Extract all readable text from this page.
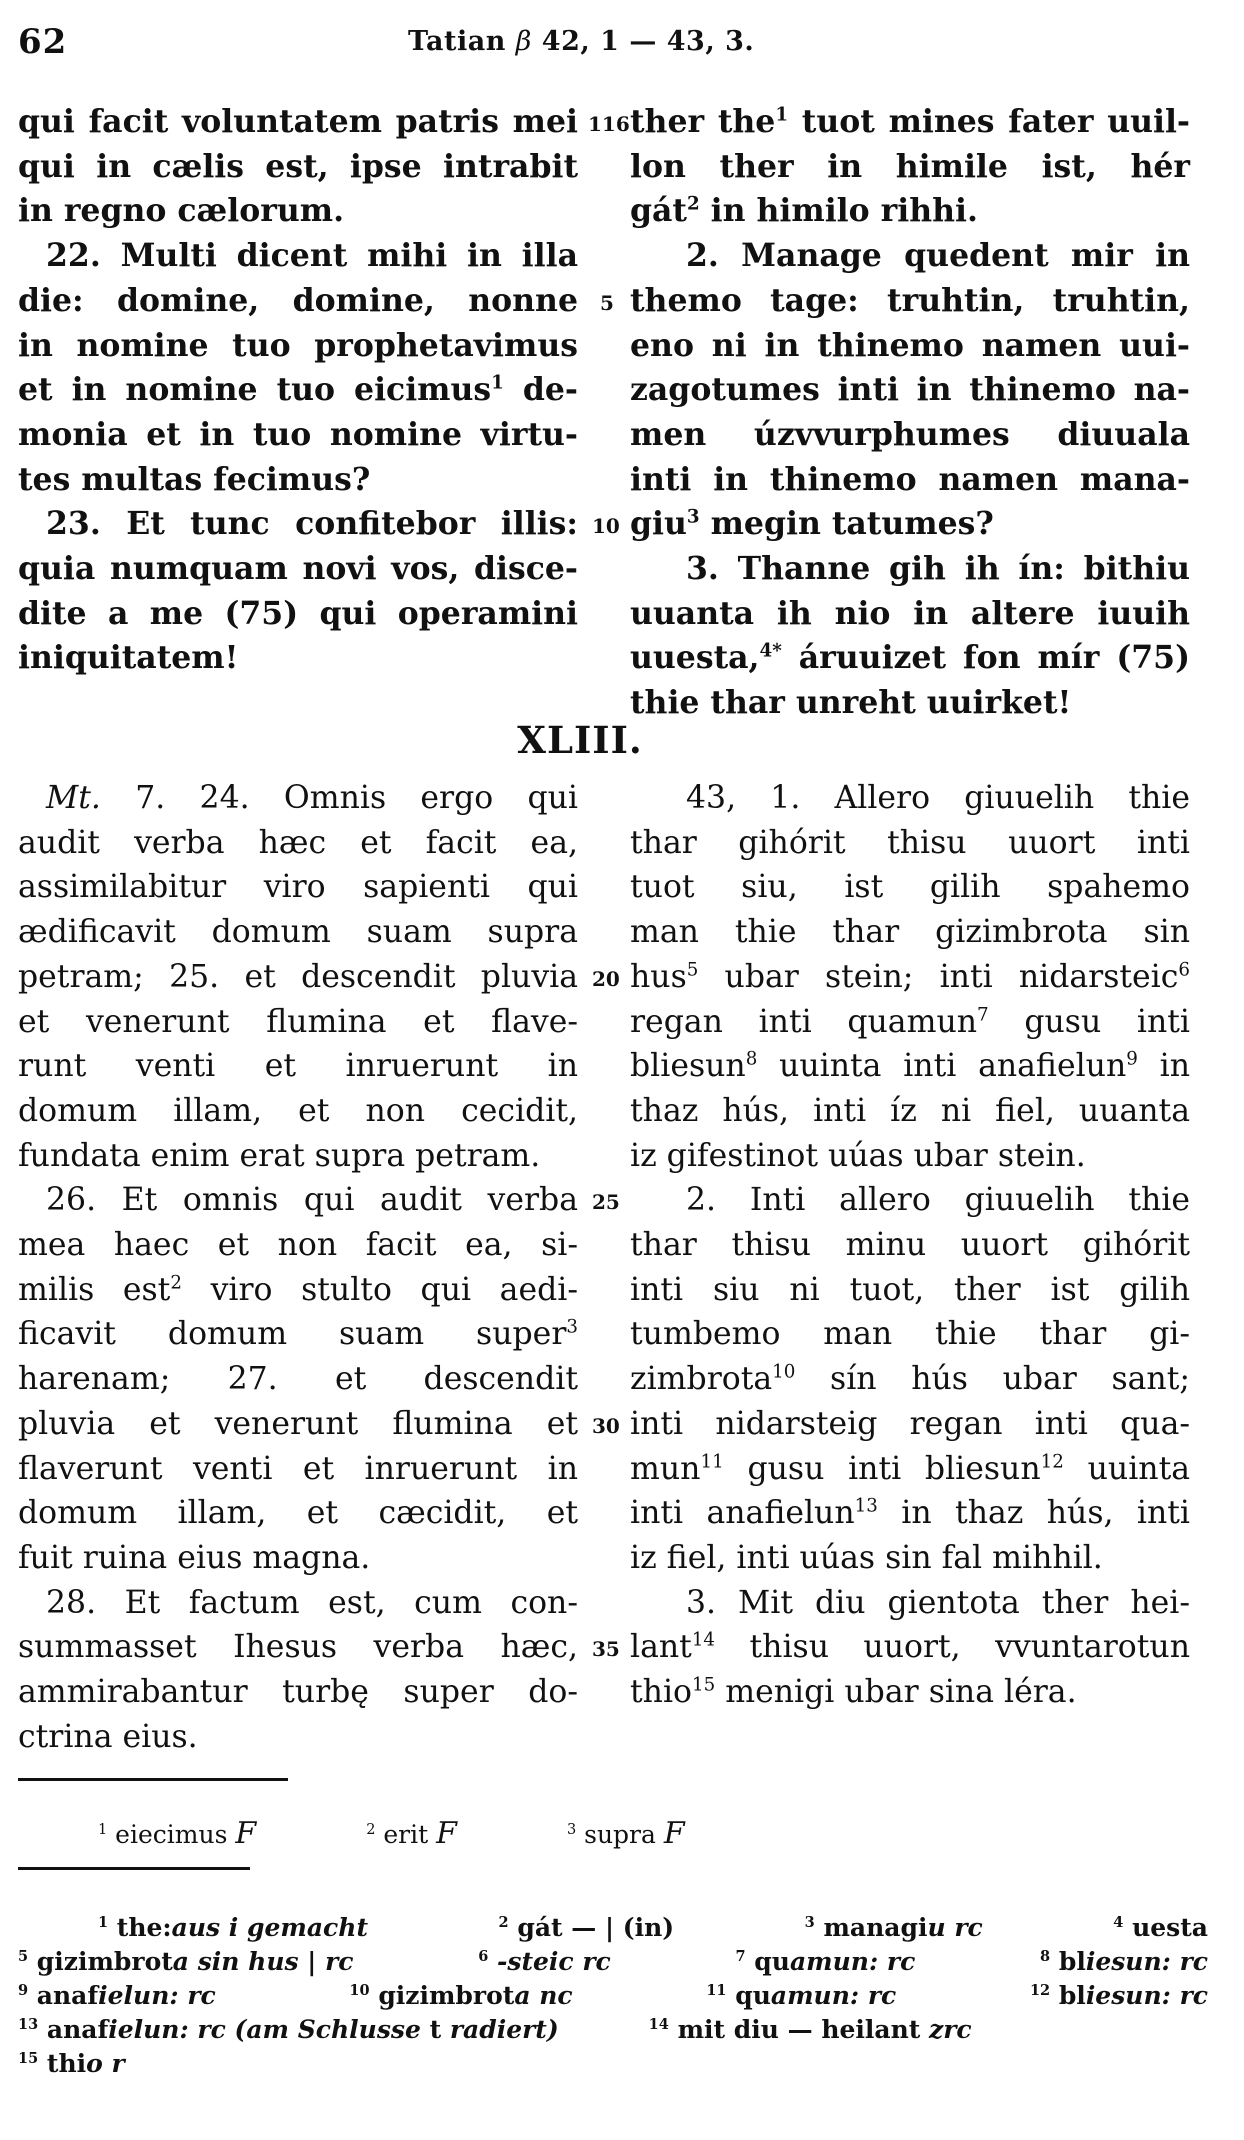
62	Tatian β 42, 1 — 43, 3.
qui facit voluntatem patris mei
qui in cælis est, ipse intrabit
in regno cælorum.
22. Multi dicent mihi in illa
die: domine, domine, nonne
in nomine tuo prophetavimus
et in nomine tuo eicimus$^1$ de-
monia et in tuo nomine virtu-
tes multas fecimus?
23. Et tunc confitebor illis:
quia numquam novi vos, disce-
dite a me (75) qui operamini
iniquitatem!
ther the$^1$ tuot mines fater uuil-
lon ther in himile ist, hér
gát$^2$ in himilo rihhi.
2. Manage quedent mir in
themo tage: truhtin, truhtin,
eno ni in thinemo namen uui-
zagotumes inti in thinemo na-
men úzvvurphumes diuuala
inti in thinemo namen mana-
giu$^3$ megin tatumes?
3. Thanne gih ih ín: bithiu
uuanta ih nio in altere iuuih
uuesta,$^{4*}$ áruuizet fon mír (75)
thie thar unreht uuirket!
XLIII.
Mt. 7. 24. Omnis ergo qui
audit verba hæc et facit ea,
assimilabitur viro sapienti qui
ædificavit domum suam supra
petram; 25. et descendit pluvia
et venerunt flumina et flave-
runt venti et inruerunt in
domum illam, et non cecidit,
fundata enim erat supra petram.
26. Et omnis qui audit verba
mea haec et non facit ea, si-
milis est$^2$ viro stulto qui aedi-
ficavit domum suam super$^3$
harenam; 27. et descendit
pluvia et venerunt flumina et
flaverunt venti et inruerunt in
domum illam, et cæcidit, et
fuit ruina eius magna.
28. Et factum est, cum con-
summasset Ihesus verba hæc,
ammirabantur turbę super do-
ctrina eius.
43, 1. Allero giuuelih thie
thar gihórit thisu uuort inti
tuot siu, ist gilih spahemo
man thie thar gizimbrota sin
hus$^5$ ubar stein; inti nidarsteic$^6$
regan inti quamun$^7$ gusu inti
bliesun$^8$ uuinta inti anafielun$^9$ in
thaz hús, inti íz ni fiel, uuanta
iz gifestinot uúas ubar stein.
2. Inti allero giuuelih thie
thar thisu minu uuort gihórit
inti siu ni tuot, ther ist gilih
tumbemo man thie thar gi-
zimbrota$^{10}$ sín hús ubar sant;
inti nidarsteig regan inti qua-
mun$^{11}$ gusu inti bliesun$^{12}$ uuinta
inti anafielun$^{13}$ in thaz hús, inti
iz fiel, inti uúas sin fal mihhil.
3. Mit diu gientota ther hei-
lant$^{14}$ thisu uuort, vvuntarotun
thio$^{15}$ menigi ubar sina léra.
116
5
10
20
25
30
35
$^1$ eiecimus F	$^2$ erit F	$^3$ supra F
$^1$ the:aus i gemacht	$^2$ gát — | (in)	$^3$ managiu rc	$^4$ uesta
$^5$ gizimbrota sin hus | rc	$^6$ -steic rc	$^7$ quamun: rc	$^8$ bliesun: rc
$^9$ anafielun: rc	$^{10}$ gizimbrota nc	$^{11}$ quamun: rc	$^{12}$ bliesun: rc
$^{13}$ anafielun: rc (am Schlusse t radiert)	$^{14}$ mit diu — heilant zrc
$^{15}$ thio r
